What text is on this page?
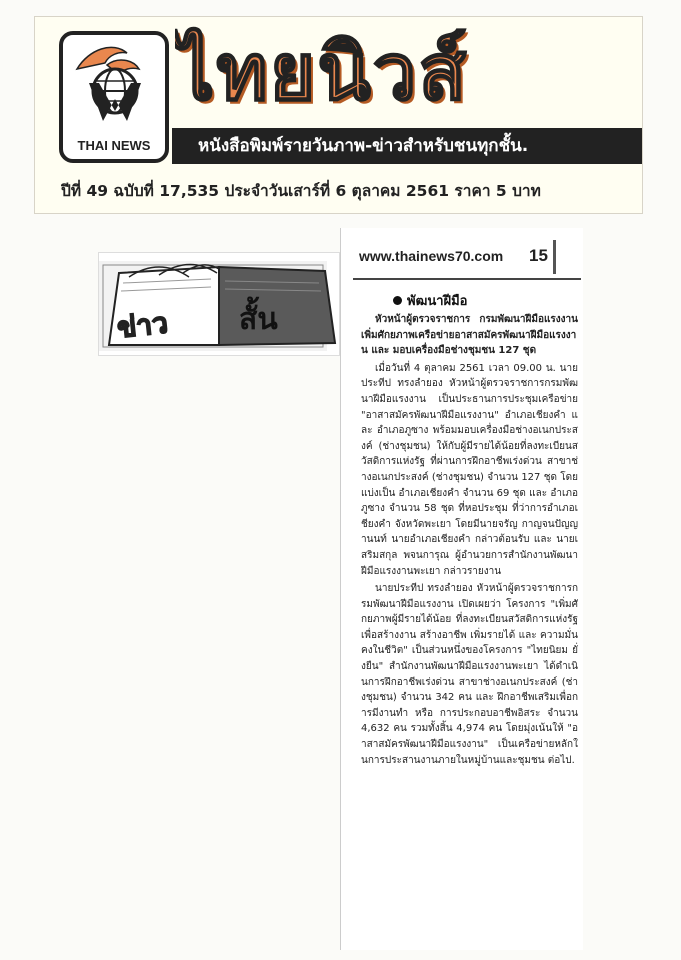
THAI NEWS
ไทยนิวส์
หนังสือพิมพ์รายวันภาพ-ข่าวสำหรับชนทุกชั้น.
ปีที่ 49 ฉบับที่ 17,535 ประจำวันเสาร์ที่ 6 ตุลาคม 2561 ราคา 5 บาท
ข่าว สั้น
www.thainews70.com 15
พัฒนาฝีมือ

หัวหน้าผู้ตรวจราชการ กรมพัฒนาฝีมือแรงงาน เพิ่มศักยภาพเครือข่ายอาสาสมัครพัฒนาฝีมือแรงงาน และ มอบเครื่องมือช่างชุมชน 127 ชุด

เมื่อวันที่ 4 ตุลาคม 2561 เวลา 09.00 น. นายประทีป ทรงลำยอง หัวหน้าผู้ตรวจราชการกรมพัฒนาฝีมือแรงงาน เป็นประธานการประชุมเครือข่าย "อาสาสมัครพัฒนาฝีมือแรงงาน" อำเภอเชียงคำ และ อำเภอภูซาง พร้อมมอบเครื่องมือช่างอเนกประสงค์ (ช่างชุมชน) ให้กับผู้มีรายได้น้อยที่ลงทะเบียนสวัสดิการแห่งรัฐ ที่ผ่านการฝึกอาชีพเร่งด่วน สาขาช่างอเนกประสงค์ (ช่างชุมชน) จำนวน 127 ชุด โดยแบ่งเป็น อำเภอเชียงคำ จำนวน 69 ชุด และ อำเภอภูซาง จำนวน 58 ชุด ที่หอประชุม ที่ว่าการอำเภอเชียงคำ จังหวัดพะเยา โดยมีนายจรัญ กาญจนปัญญานนท์ นายอำเภอเชียงคำ กล่าวต้อนรับ และ นายเสริมสกุล พจนการุณ ผู้อำนวยการสำนักงานพัฒนาฝีมือแรงงานพะเยา กล่าวรายงาน

นายประทีป ทรงลำยอง หัวหน้าผู้ตรวจราชการกรมพัฒนาฝีมือแรงงาน เปิดเผยว่า โครงการ "เพิ่มศักยภาพผู้มีรายได้น้อย ที่ลงทะเบียนสวัสดิการแห่งรัฐ เพื่อสร้างงาน สร้างอาชีพ เพิ่มรายได้ และ ความมั่นคงในชีวิต" เป็นส่วนหนึ่งของโครงการ "ไทยนิยม ยั่งยืน" สำนักงานพัฒนาฝีมือแรงงานพะเยา ได้ดำเนินการฝึกอาชีพเร่งด่วน สาขาช่างอเนกประสงค์ (ช่างชุมชน) จำนวน 342 คน และ ฝึกอาชีพเสริมเพื่อการมีงานทำ หรือ การประกอบอาชีพอิสระ จำนวน 4,632 คน รวมทั้งสิ้น 4,974 คน โดยมุ่งเน้นให้ "อาสาสมัครพัฒนาฝีมือแรงงาน" เป็นเครือข่ายหลักในการประสานงานภายในหมู่บ้านและชุมชน ต่อไป.
